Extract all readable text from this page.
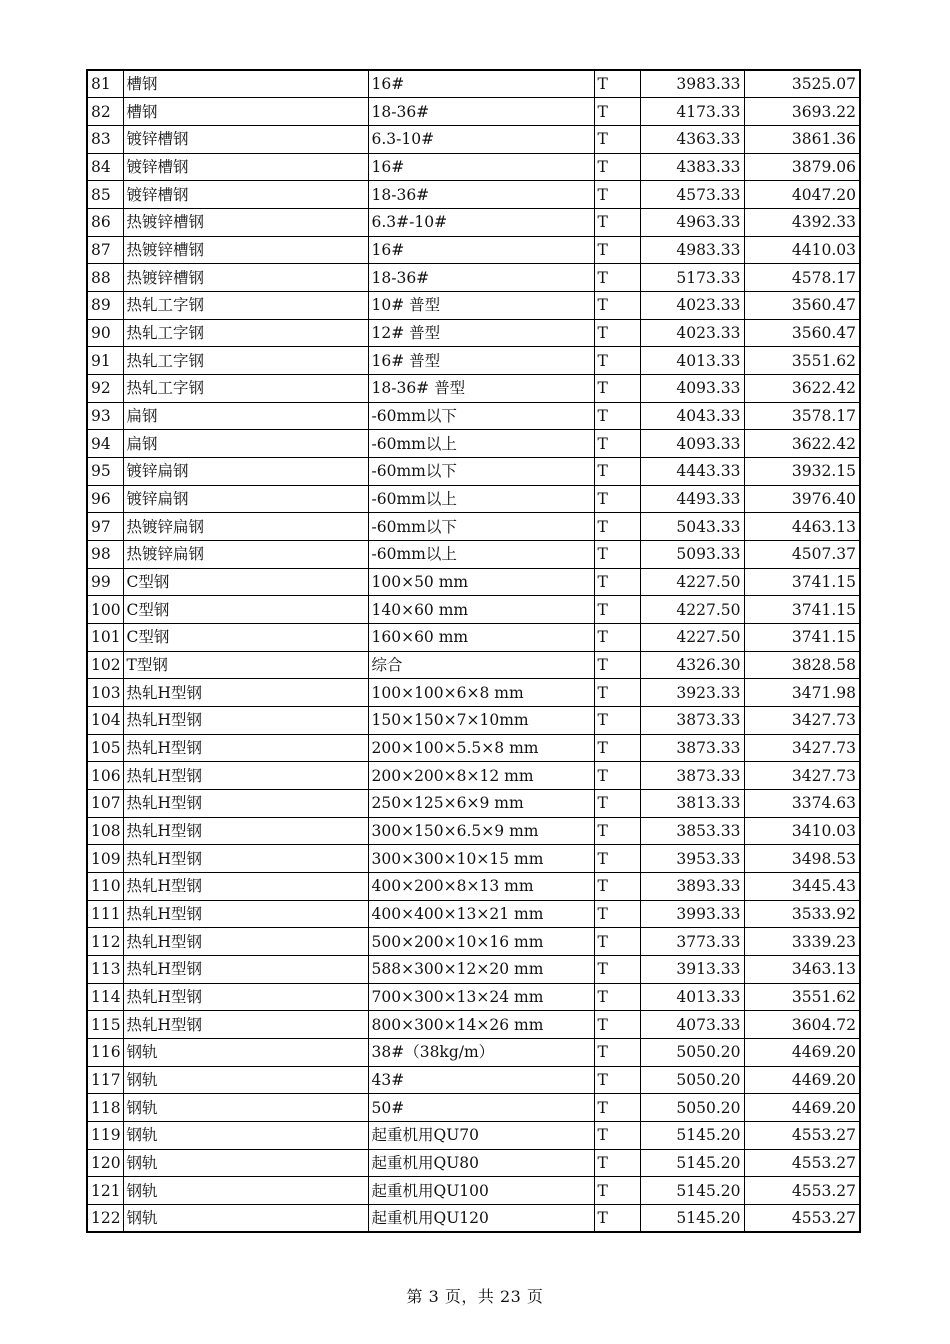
81	槽钢	16#	T	3983.33	3525.07
82	槽钢	18-36#	T	4173.33	3693.22
83	镀锌槽钢	6.3-10#	T	4363.33	3861.36
84	镀锌槽钢	16#	T	4383.33	3879.06
85	镀锌槽钢	18-36#	T	4573.33	4047.20
86	热镀锌槽钢	6.3#-10#	T	4963.33	4392.33
87	热镀锌槽钢	16#	T	4983.33	4410.03
88	热镀锌槽钢	18-36#	T	5173.33	4578.17
89	热轧工字钢	10# 普型	T	4023.33	3560.47
90	热轧工字钢	12# 普型	T	4023.33	3560.47
91	热轧工字钢	16# 普型	T	4013.33	3551.62
92	热轧工字钢	18-36# 普型	T	4093.33	3622.42
93	扁钢	-60mm以下	T	4043.33	3578.17
94	扁钢	-60mm以上	T	4093.33	3622.42
95	镀锌扁钢	-60mm以下	T	4443.33	3932.15
96	镀锌扁钢	-60mm以上	T	4493.33	3976.40
97	热镀锌扁钢	-60mm以下	T	5043.33	4463.13
98	热镀锌扁钢	-60mm以上	T	5093.33	4507.37
99	C型钢	100×50 mm	T	4227.50	3741.15
100	C型钢	140×60 mm	T	4227.50	3741.15
101	C型钢	160×60 mm	T	4227.50	3741.15
102	T型钢	综合	T	4326.30	3828.58
103	热轧H型钢	100×100×6×8 mm	T	3923.33	3471.98
104	热轧H型钢	150×150×7×10mm	T	3873.33	3427.73
105	热轧H型钢	200×100×5.5×8 mm	T	3873.33	3427.73
106	热轧H型钢	200×200×8×12 mm	T	3873.33	3427.73
107	热轧H型钢	250×125×6×9 mm	T	3813.33	3374.63
108	热轧H型钢	300×150×6.5×9 mm	T	3853.33	3410.03
109	热轧H型钢	300×300×10×15 mm	T	3953.33	3498.53
110	热轧H型钢	400×200×8×13 mm	T	3893.33	3445.43
111	热轧H型钢	400×400×13×21 mm	T	3993.33	3533.92
112	热轧H型钢	500×200×10×16 mm	T	3773.33	3339.23
113	热轧H型钢	588×300×12×20 mm	T	3913.33	3463.13
114	热轧H型钢	700×300×13×24 mm	T	4013.33	3551.62
115	热轧H型钢	800×300×14×26 mm	T	4073.33	3604.72
116	钢轨	38#（38kg/m）	T	5050.20	4469.20
117	钢轨	43#	T	5050.20	4469.20
118	钢轨	50#	T	5050.20	4469.20
119	钢轨	起重机用QU70	T	5145.20	4553.27
120	钢轨	起重机用QU80	T	5145.20	4553.27
121	钢轨	起重机用QU100	T	5145.20	4553.27
122	钢轨	起重机用QU120	T	5145.20	4553.27
第 3 页，共 23 页
